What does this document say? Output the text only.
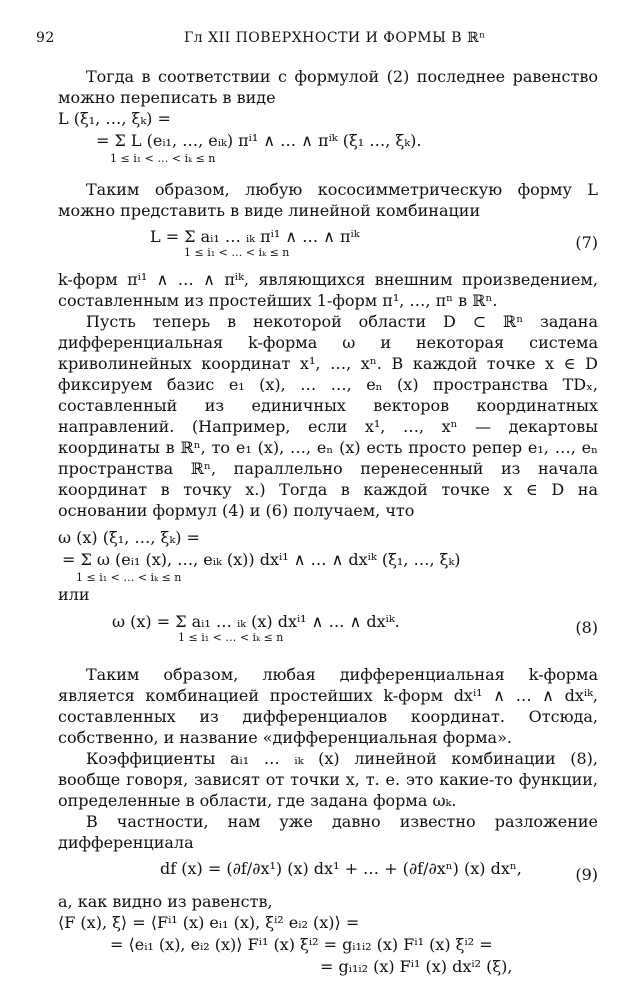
92	Гл XII ПОВЕРХНОСТИ И ФОРМЫ В ℝⁿ

Тогда в соответствии с формулой (2) последнее равенство можно переписать в виде

L (ξ₁, …, ξₖ) =
= Σ L (eᵢ₁, …, eᵢₖ) πⁱ¹ ∧ … ∧ πⁱᵏ (ξ₁ …, ξₖ).
1 ≤ i₁ < … < iₖ ≤ n

Таким образом, любую кососимметрическую форму L можно представить в виде линейной комбинации

L = Σ aᵢ₁ … ᵢₖ πⁱ¹ ∧ … ∧ πⁱᵏ
1 ≤ i₁ < … < iₖ ≤ n
(7)

k-форм πⁱ¹ ∧ … ∧ πⁱᵏ, являющихся внешним произведением, составленным из простейших 1-форм π¹, …, πⁿ в ℝⁿ.

Пусть теперь в некоторой области D ⊂ ℝⁿ задана дифференциальная k-форма ω и некоторая система криволинейных координат x¹, …, xⁿ. В каждой точке x ∈ D фиксируем базис e₁ (x), … …, eₙ (x) пространства TDₓ, составленный из единичных векторов координатных направлений. (Например, если x¹, …, xⁿ — декартовы координаты в ℝⁿ, то e₁ (x), …, eₙ (x) есть просто репер e₁, …, eₙ пространства ℝⁿ, параллельно перенесенный из начала координат в точку x.) Тогда в каждой точке x ∈ D на основании формул (4) и (6) получаем, что

ω (x) (ξ₁, …, ξₖ) =
= Σ ω (eᵢ₁ (x), …, eᵢₖ (x)) dxⁱ¹ ∧ … ∧ dxⁱᵏ (ξ₁, …, ξₖ)
1 ≤ i₁ < … < iₖ ≤ n
или
ω (x) = Σ aᵢ₁ … ᵢₖ (x) dxⁱ¹ ∧ … ∧ dxⁱᵏ.
1 ≤ i₁ < … < iₖ ≤ n
(8)

Таким образом, любая дифференциальная k-форма является комбинацией простейших k-форм dxⁱ¹ ∧ … ∧ dxⁱᵏ, составленных из дифференциалов координат. Отсюда, собственно, и название «дифференциальная форма».

Коэффициенты aᵢ₁ … ᵢₖ (x) линейной комбинации (8), вообще говоря, зависят от точки x, т. е. это какие-то функции, определенные в области, где задана форма ωₖ.

В частности, нам уже давно известно разложение дифференциала

df (x) = (∂f/∂x¹) (x) dx¹ + … + (∂f/∂xⁿ) (x) dxⁿ,	(9)

а, как видно из равенств,

⟨F (x), ξ⟩ = ⟨Fⁱ¹ (x) eᵢ₁ (x), ξⁱ² eᵢ₂ (x)⟩ =
= ⟨eᵢ₁ (x), eᵢ₂ (x)⟩ Fⁱ¹ (x) ξⁱ² = gᵢ₁ᵢ₂ (x) Fⁱ¹ (x) ξⁱ² =
= gᵢ₁ᵢ₂ (x) Fⁱ¹ (x) dxⁱ² (ξ),
